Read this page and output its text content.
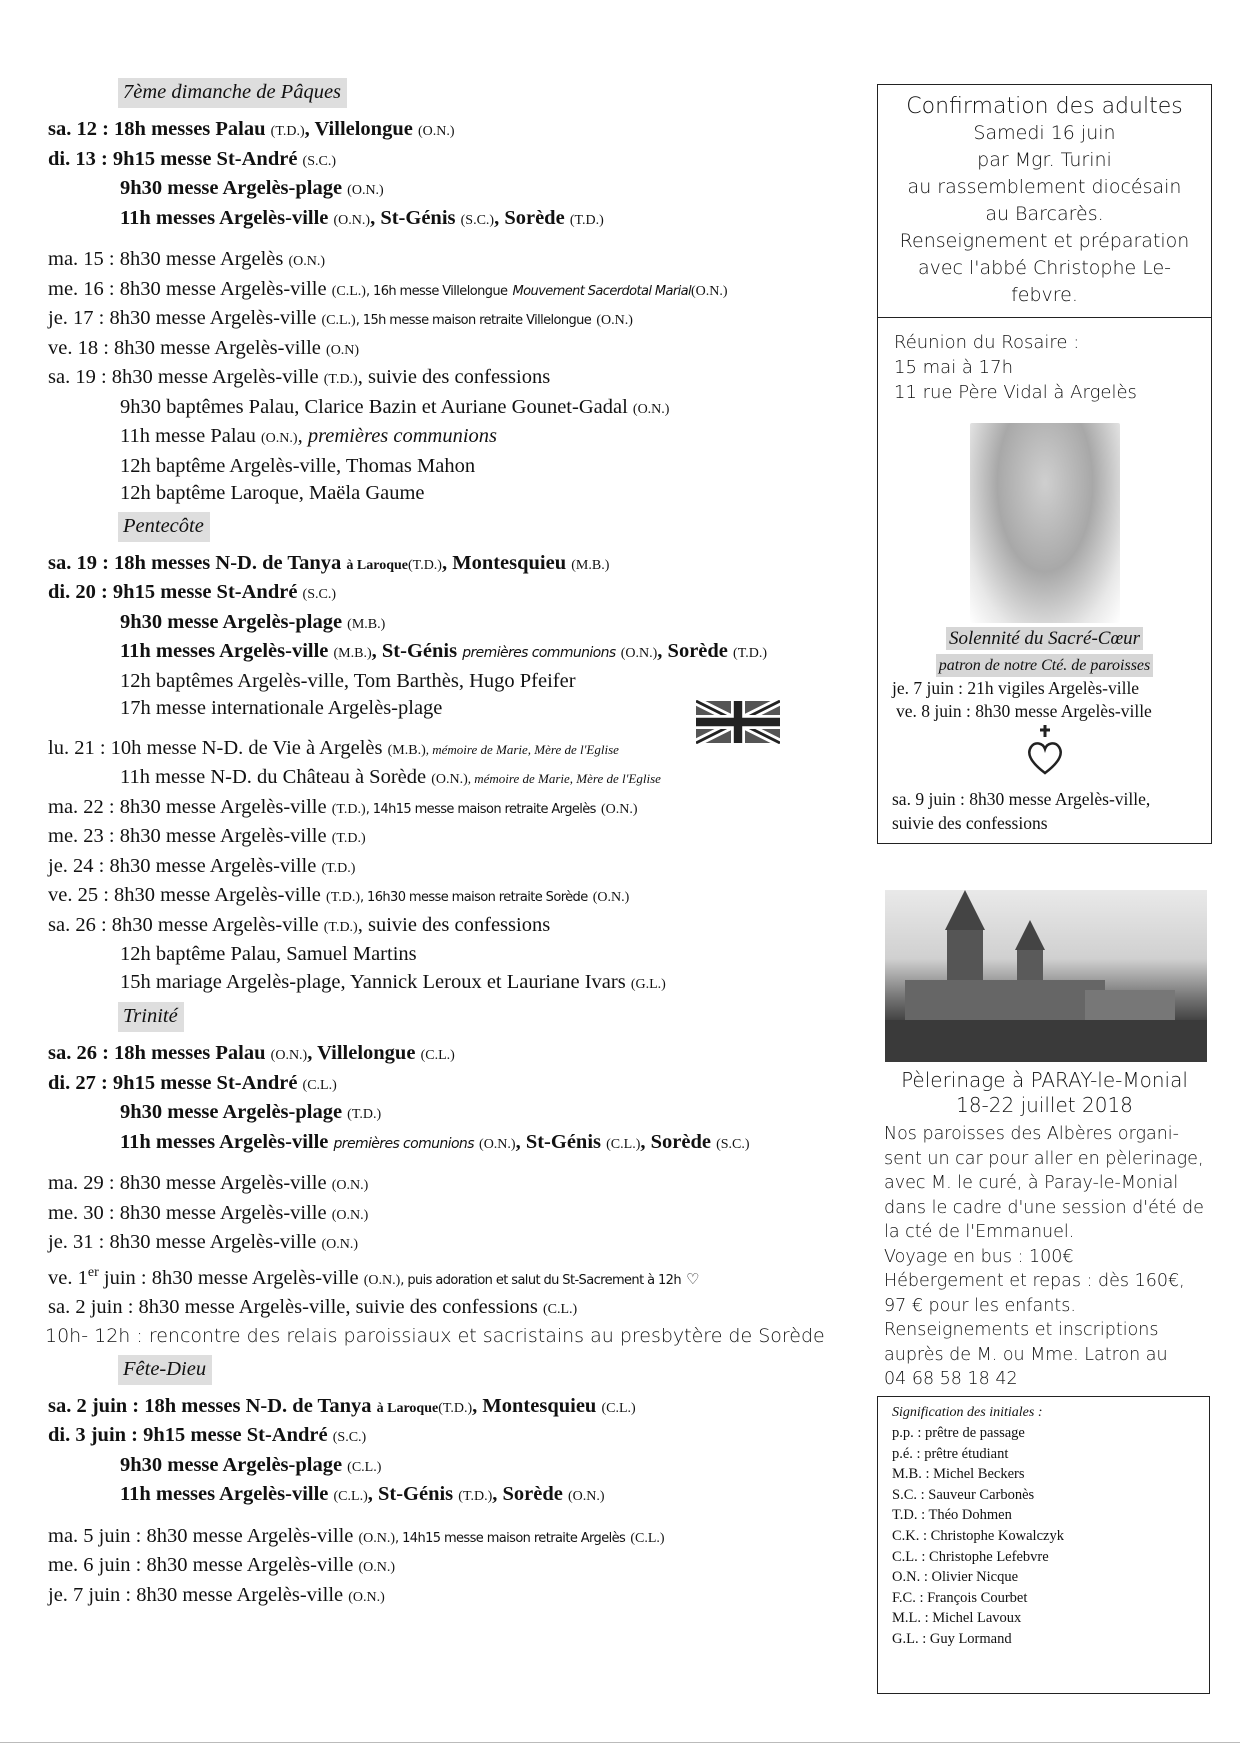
7ème dimanche de Pâques
sa. 12 : 18h messes Palau (T.D.), Villelongue (O.N.)
di. 13 : 9h15 messe St-André (S.C.)
9h30 messe Argelès-plage (O.N.)
11h messes Argelès-ville (O.N.), St-Génis (S.C.), Sorède (T.D.)
ma. 15 : 8h30 messe Argelès (O.N.)
me. 16 : 8h30 messe Argelès-ville (C.L.), 16h messe Villelongue Mouvement Sacerdotal Marial(O.N.)
je. 17 : 8h30 messe Argelès-ville (C.L.), 15h messe maison retraite Villelongue (O.N.)
ve. 18 : 8h30 messe Argelès-ville (O.N)
sa. 19 : 8h30 messe Argelès-ville (T.D.), suivie des confessions
9h30 baptêmes Palau, Clarice Bazin et Auriane Gounet-Gadal (O.N.)
11h messe Palau (O.N.), premières communions
12h baptême Argelès-ville, Thomas Mahon
12h baptême Laroque, Maëla Gaume
Pentecôte
sa. 19 : 18h messes N-D. de Tanya à Laroque(T.D.), Montesquieu (M.B.)
di. 20 : 9h15 messe St-André (S.C.)
9h30 messe Argelès-plage (M.B.)
11h messes Argelès-ville (M.B.), St-Génis premières communions (O.N.), Sorède (T.D.)
12h baptêmes Argelès-ville, Tom Barthès, Hugo Pfeifer
17h messe internationale Argelès-plage
lu. 21 : 10h messe N-D. de Vie à Argelès (M.B.), mémoire de Marie, Mère de l'Eglise
11h messe N-D. du Château à Sorède (O.N.), mémoire de Marie, Mère de l'Eglise
ma. 22 : 8h30 messe Argelès-ville (T.D.), 14h15 messe maison retraite Argelès (O.N.)
me. 23 : 8h30 messe Argelès-ville (T.D.)
je. 24 : 8h30 messe Argelès-ville (T.D.)
ve. 25 : 8h30 messe Argelès-ville (T.D.), 16h30 messe maison retraite Sorède (O.N.)
sa. 26 : 8h30 messe Argelès-ville (T.D.), suivie des confessions
12h baptême Palau, Samuel Martins
15h mariage Argelès-plage, Yannick Leroux et Lauriane Ivars (G.L.)
Trinité
sa. 26 : 18h messes Palau (O.N.), Villelongue (C.L.)
di. 27 : 9h15 messe St-André (C.L.)
9h30 messe Argelès-plage (T.D.)
11h messes Argelès-ville premières comunions (O.N.), St-Génis (C.L.), Sorède (S.C.)
ma. 29 : 8h30 messe Argelès-ville (O.N.)
me. 30 : 8h30 messe Argelès-ville (O.N.)
je. 31 : 8h30 messe Argelès-ville (O.N.)
ve. 1er juin : 8h30 messe Argelès-ville (O.N.), puis adoration et salut du St-Sacrement à 12h ♡
sa. 2 juin : 8h30 messe Argelès-ville, suivie des confessions (C.L.)
10h- 12h : rencontre des relais paroissiaux et sacristains au presbytère de Sorède
Fête-Dieu
sa. 2 juin : 18h messes N-D. de Tanya à Laroque(T.D.), Montesquieu (C.L.)
di. 3 juin : 9h15 messe St-André (S.C.)
9h30 messe Argelès-plage (C.L.)
11h messes Argelès-ville (C.L.), St-Génis (T.D.), Sorède (O.N.)
ma. 5 juin : 8h30 messe Argelès-ville (O.N.), 14h15 messe maison retraite Argelès (C.L.)
me. 6 juin : 8h30 messe Argelès-ville (O.N.)
je. 7 juin : 8h30 messe Argelès-ville (O.N.)
Confirmation des adultes
Samedi 16 juin
par Mgr. Turini
au rassemblement diocésain
au Barcarès.
Renseignement et préparation
avec l'abbé Christophe Le-
febvre.
Réunion du Rosaire :
15 mai à 17h
11 rue Père Vidal à Argelès
Solennité du Sacré-Cœur
patron de notre Cté. de paroisses
je. 7 juin : 21h vigiles Argelès-ville
ve. 8 juin : 8h30 messe Argelès-ville
sa. 9 juin : 8h30 messe Argelès-ville,
suivie des confessions
Pèlerinage à PARAY-le-Monial
18-22 juillet 2018
Nos paroisses des Albères organi-
sent un car pour aller en pèlerinage,
avec M. le curé, à Paray-le-Monial
dans le cadre d'une session d'été de
la cté de l'Emmanuel.
Voyage en bus : 100€
Hébergement et repas : dès 160€,
97 € pour les enfants.
Renseignements et inscriptions
auprès de M. ou Mme. Latron au
04 68 58 18 42
Signification des initiales :
p.p. : prêtre de passage
p.é. : prêtre étudiant
M.B. : Michel Beckers
S.C. : Sauveur Carbonès
T.D. : Théo Dohmen
C.K. : Christophe Kowalczyk
C.L. : Christophe Lefebvre
O.N. : Olivier Nicque
F.C. : François Courbet
M.L. : Michel Lavoux
G.L. : Guy Lormand
